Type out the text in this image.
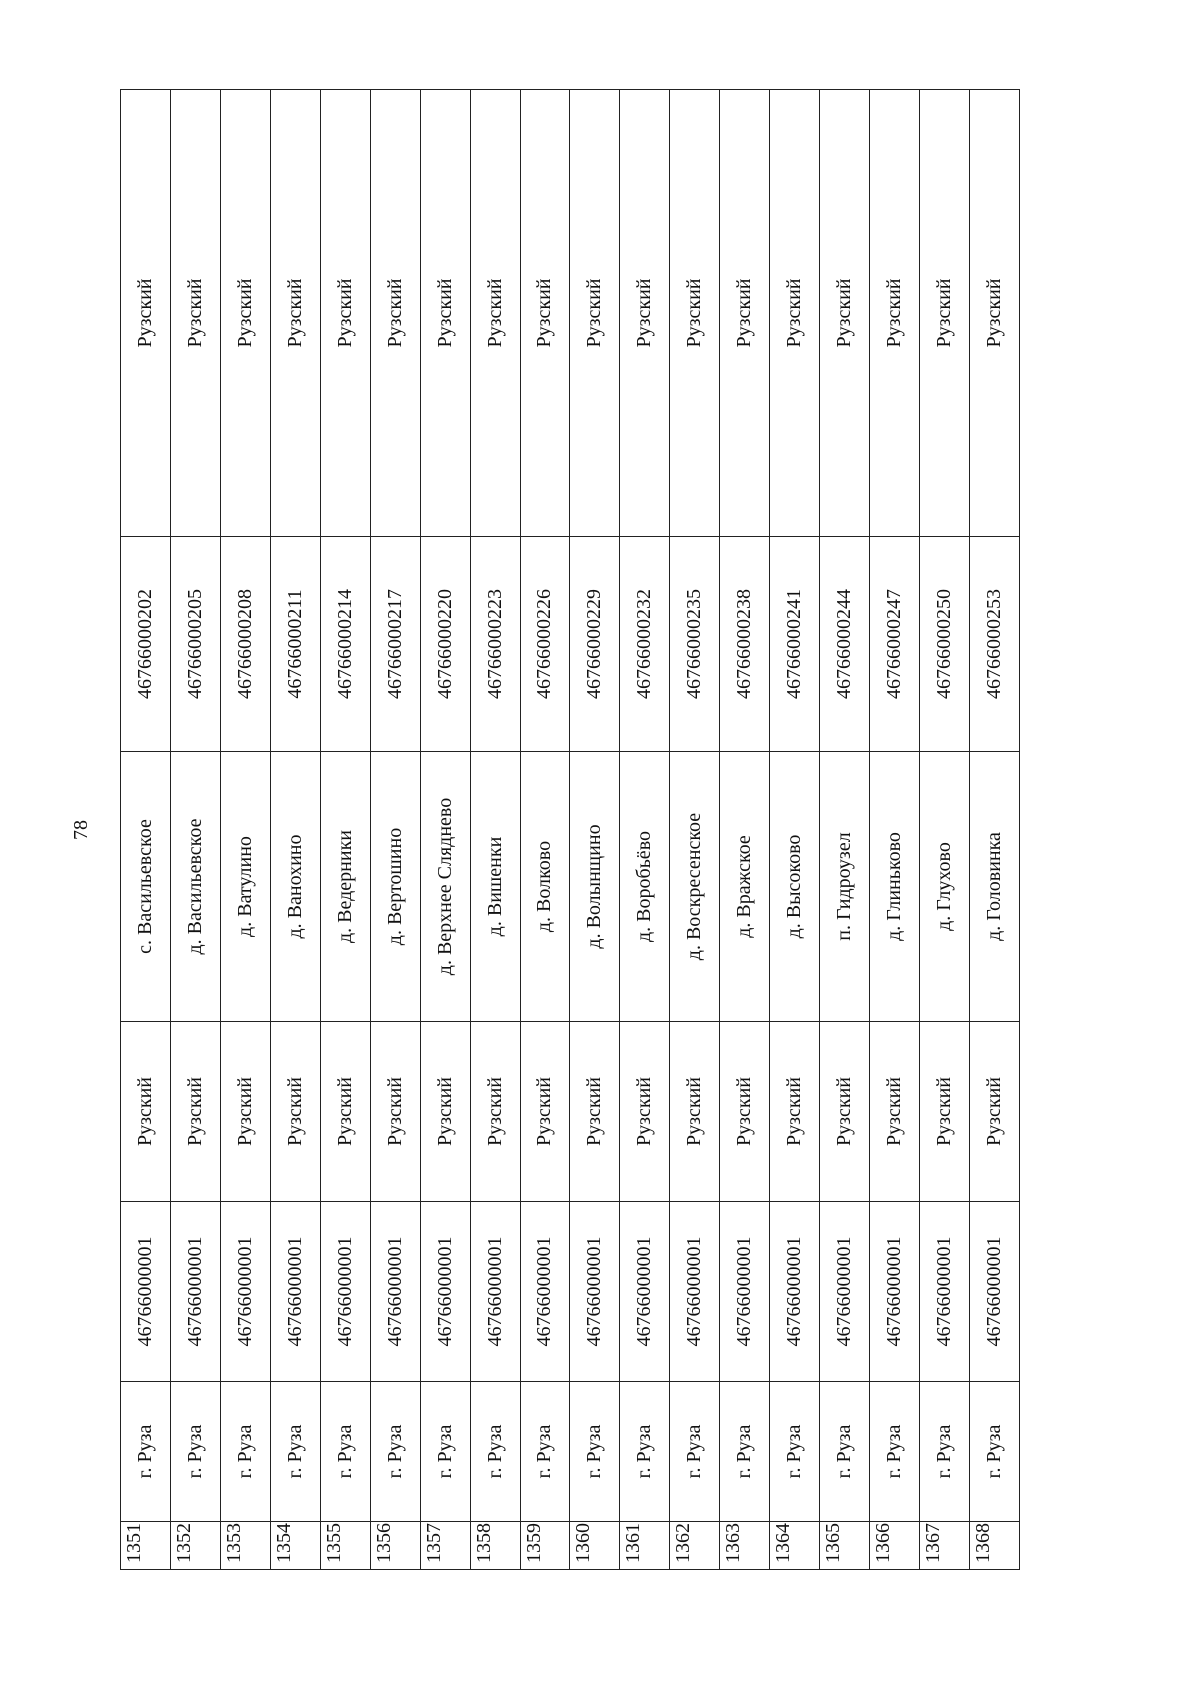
78
1351	г. Руза	46766000001	Рузский	с. Васильевское	46766000202	Рузский
1352	г. Руза	46766000001	Рузский	д. Васильевское	46766000205	Рузский
1353	г. Руза	46766000001	Рузский	д. Ватулино	46766000208	Рузский
1354	г. Руза	46766000001	Рузский	д. Ванохино	46766000211	Рузский
1355	г. Руза	46766000001	Рузский	д. Ведерники	46766000214	Рузский
1356	г. Руза	46766000001	Рузский	д. Вертошино	46766000217	Рузский
1357	г. Руза	46766000001	Рузский	д. Верхнее Сляднево	46766000220	Рузский
1358	г. Руза	46766000001	Рузский	д. Вишенки	46766000223	Рузский
1359	г. Руза	46766000001	Рузский	д. Волково	46766000226	Рузский
1360	г. Руза	46766000001	Рузский	д. Волынщино	46766000229	Рузский
1361	г. Руза	46766000001	Рузский	д. Воробьёво	46766000232	Рузский
1362	г. Руза	46766000001	Рузский	д. Воскресенское	46766000235	Рузский
1363	г. Руза	46766000001	Рузский	д. Вражское	46766000238	Рузский
1364	г. Руза	46766000001	Рузский	д. Высоково	46766000241	Рузский
1365	г. Руза	46766000001	Рузский	п. Гидроузел	46766000244	Рузский
1366	г. Руза	46766000001	Рузский	д. Глиньково	46766000247	Рузский
1367	г. Руза	46766000001	Рузский	д. Глухово	46766000250	Рузский
1368	г. Руза	46766000001	Рузский	д. Головинка	46766000253	Рузский
